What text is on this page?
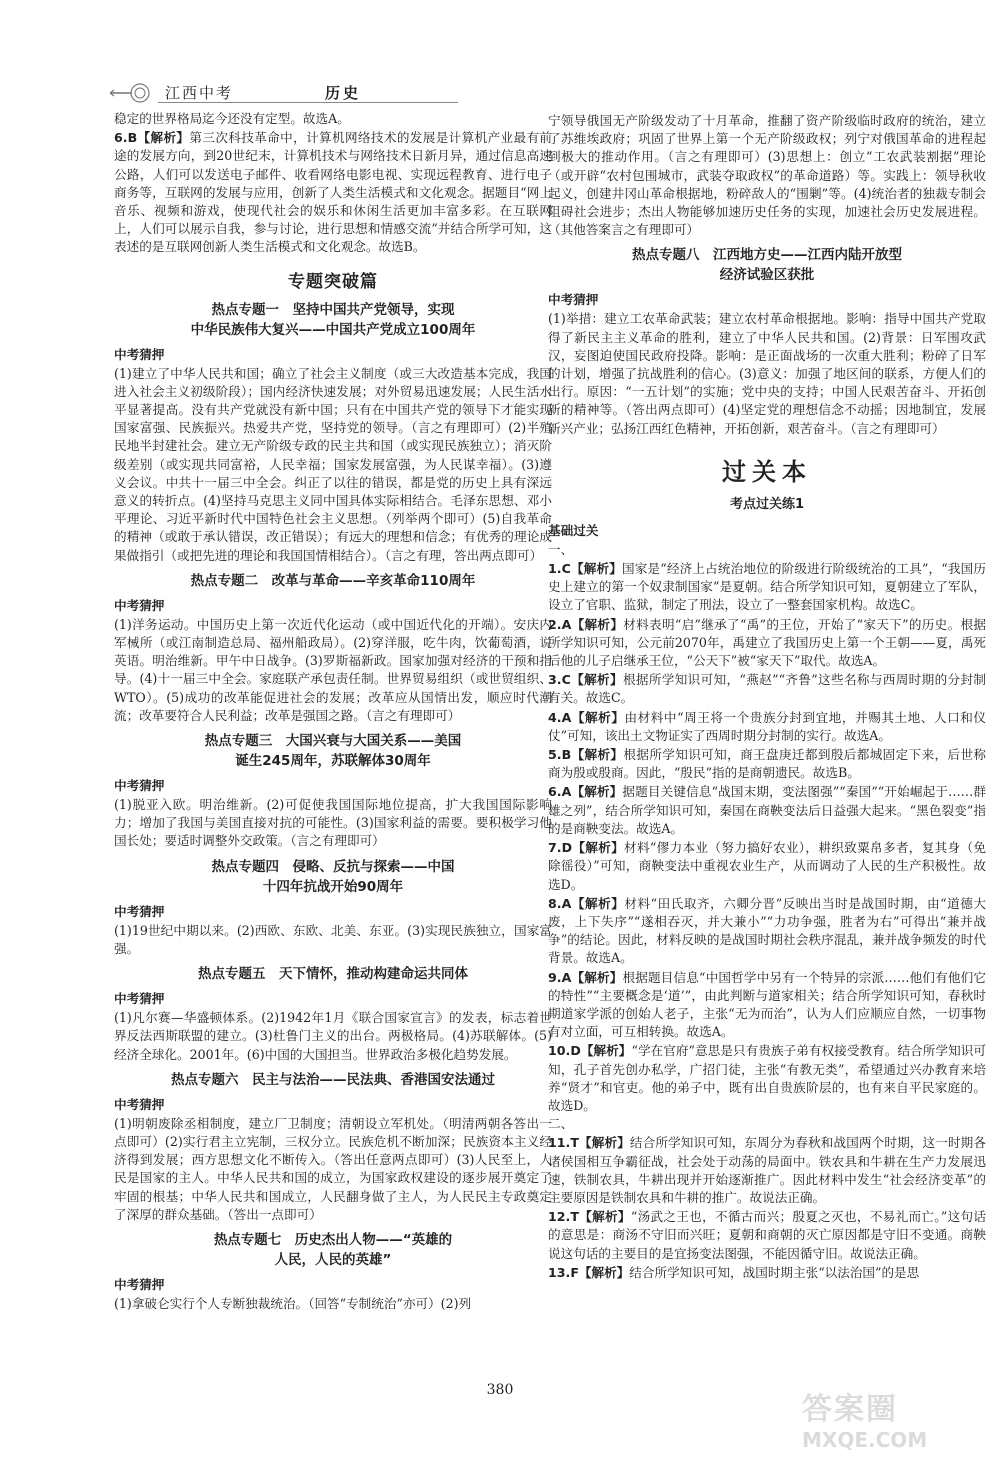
江西中考	历史

稳定的世界格局迄今还没有定型。故选A。

6.B【解析】第三次科技革命中，计算机网络技术的发展是计算机产业最有前途的发展方向，到20世纪末，计算机技术与网络技术日新月异，通过信息高速公路，人们可以发送电子邮件、收看网络电影电视、实现远程教育、进行电子商务等，互联网的发展与应用，创新了人类生活模式和文化观念。据题目“网上音乐、视频和游戏，使现代社会的娱乐和休闲生活更加丰富多彩。在互联网上，人们可以展示自我，参与讨论，进行思想和情感交流”并结合所学可知，这表述的是互联网创新人类生活模式和文化观念。故选B。

专题突破篇
热点专题一　坚持中国共产党领导，实现
中华民族伟大复兴——中国共产党成立100周年
中考猜押

(1)建立了中华人民共和国；确立了社会主义制度（或三大改造基本完成，我国进入社会主义初级阶段）；国内经济快速发展；对外贸易迅速发展；人民生活水平显著提高。没有共产党就没有新中国；只有在中国共产党的领导下才能实现国家富强、民族振兴。热爱共产党，坚持党的领导。（言之有理即可）(2)半殖民地半封建社会。建立无产阶级专政的民主共和国（或实现民族独立）；消灭阶级差别（或实现共同富裕，人民幸福；国家发展富强，为人民谋幸福）。(3)遵义会议。中共十一届三中全会。纠正了以往的错误，都是党的历史上具有深远意义的转折点。(4)坚持马克思主义同中国具体实际相结合。毛泽东思想、邓小平理论、习近平新时代中国特色社会主义思想。（列举两个即可）(5)自我革命的精神（或敢于承认错误，改正错误）；有远大的理想和信念；有优秀的理论成果做指引（或把先进的理论和我国国情相结合）。（言之有理，答出两点即可）

热点专题二　改革与革命——辛亥革命110周年
中考猜押

(1)洋务运动。中国历史上第一次近代化运动（或中国近代化的开端）。安庆内军械所（或江南制造总局、福州船政局）。(2)穿洋服，吃牛肉，饮葡萄酒，说英语。明治维新。甲午中日战争。(3)罗斯福新政。国家加强对经济的干预和指导。(4)十一届三中全会。家庭联产承包责任制。世界贸易组织（或世贸组织、WTO）。(5)成功的改革能促进社会的发展；改革应从国情出发，顺应时代潮流；改革要符合人民利益；改革是强国之路。（言之有理即可）

热点专题三　大国兴衰与大国关系——美国
诞生245周年，苏联解体30周年
中考猜押

(1)脱亚入欧。明治维新。(2)可促使我国国际地位提高，扩大我国国际影响力；增加了我国与美国直接对抗的可能性。(3)国家利益的需要。要积极学习他国长处；要适时调整外交政策。（言之有理即可）

热点专题四　侵略、反抗与探索——中国
十四年抗战开始90周年
中考猜押

(1)19世纪中期以来。(2)西欧、东欧、北美、东亚。(3)实现民族独立，国家富强。

热点专题五　天下情怀，推动构建命运共同体
中考猜押

(1)凡尔赛—华盛顿体系。(2)1942年1月《联合国家宣言》的发表，标志着世界反法西斯联盟的建立。(3)杜鲁门主义的出台。两极格局。(4)苏联解体。(5)经济全球化。2001年。(6)中国的大国担当。世界政治多极化趋势发展。

热点专题六　民主与法治——民法典、香港国安法通过
中考猜押

(1)明朝废除丞相制度，建立厂卫制度；清朝设立军机处。（明清两朝各答出一点即可）(2)实行君主立宪制，三权分立。民族危机不断加深；民族资本主义经济得到发展；西方思想文化不断传入。（答出任意两点即可）(3)人民至上，人民是国家的主人。中华人民共和国的成立，为国家政权建设的逐步展开奠定了牢固的根基；中华人民共和国成立，人民翻身做了主人，为人民民主专政奠定了深厚的群众基础。（答出一点即可）

热点专题七　历史杰出人物——“英雄的
人民，人民的英雄”
中考猜押

(1)拿破仑实行个人专断独裁统治。（回答“专制统治”亦可）(2)列

宁领导俄国无产阶级发动了十月革命，推翻了资产阶级临时政府的统治，建立了苏维埃政府；巩固了世界上第一个无产阶级政权；列宁对俄国革命的进程起到极大的推动作用。（言之有理即可）(3)思想上：创立“工农武装割据”理论（或开辟“农村包围城市，武装夺取政权”的革命道路）等。实践上：领导秋收起义，创建井冈山革命根据地，粉碎敌人的“围剿”等。(4)统治者的独裁专制会阻碍社会进步；杰出人物能够加速历史任务的实现，加速社会历史发展进程。（其他答案言之有理即可）

热点专题八　江西地方史——江西内陆开放型
经济试验区获批
中考猜押

(1)举措：建立工农革命武装；建立农村革命根据地。影响：指导中国共产党取得了新民主主义革命的胜利，建立了中华人民共和国。(2)背景：日军围攻武汉，妄图迫使国民政府投降。影响：是正面战场的一次重大胜利；粉碎了日军的计划，增强了抗战胜利的信心。(3)意义：加强了地区间的联系，方便人们的出行。原因：“一五计划”的实施；党中央的支持；中国人民艰苦奋斗、开拓创新的精神等。（答出两点即可）(4)坚定党的理想信念不动摇；因地制宜，发展新兴产业；弘扬江西红色精神，开拓创新，艰苦奋斗。（言之有理即可）

过关本
考点过关练1
基础过关

一、

1.C【解析】国家是“经济上占统治地位的阶级进行阶级统治的工具”，“我国历史上建立的第一个奴隶制国家”是夏朝。结合所学知识可知，夏朝建立了军队，设立了官职、监狱，制定了刑法，设立了一整套国家机构。故选C。

2.A【解析】材料表明“启”继承了“禹”的王位，开始了“家天下”的历史。根据所学知识可知，公元前2070年，禹建立了我国历史上第一个王朝——夏，禹死后他的儿子启继承王位，“公天下”被“家天下”取代。故选A。

3.C【解析】根据所学知识可知，“燕赵”“齐鲁”这些名称与西周时期的分封制有关。故选C。

4.A【解析】由材料中“周王将一个贵族分封到宜地，并赐其土地、人口和仪仗”可知，该出土文物证实了西周时期分封制的实行。故选A。

5.B【解析】根据所学知识可知，商王盘庚迁都到殷后都城固定下来，后世称商为殷或殷商。因此，“殷民”指的是商朝遗民。故选B。

6.A【解析】据题目关键信息“战国末期，变法图强”“秦国”“开始崛起于……群雄之列”，结合所学知识可知，秦国在商鞅变法后日益强大起来。“黑色裂变”指的是商鞅变法。故选A。

7.D【解析】材料“僇力本业（努力搞好农业），耕织致粟帛多者，复其身（免除徭役）”可知，商鞅变法中重视农业生产，从而调动了人民的生产积极性。故选D。

8.A【解析】材料“田氏取齐，六卿分晋”反映出当时是战国时期，由“道德大废，上下失序”“遂相吞灭，并大兼小”“力功争强，胜者为右”可得出“兼并战争”的结论。因此，材料反映的是战国时期社会秩序混乱，兼并战争频发的时代背景。故选A。

9.A【解析】根据题目信息“中国哲学中另有一个特异的宗派……他们有他们它的特性”“主要概念是‘道’”，由此判断与道家相关；结合所学知识可知，春秋时期道家学派的创始人老子，主张“无为而治”，认为人们应顺应自然，一切事物有对立面，可互相转换。故选A。

10.D【解析】“学在官府”意思是只有贵族子弟有权接受教育。结合所学知识可知，孔子首先创办私学，广招门徒，主张“有教无类”，希望通过兴办教育来培养“贤才”和官吏。他的弟子中，既有出自贵族阶层的，也有来自平民家庭的。故选D。

二、

11.T【解析】结合所学知识可知，东周分为春秋和战国两个时期，这一时期各诸侯国相互争霸征战，社会处于动荡的局面中。铁农具和牛耕在生产力发展迅速，铁制农具，牛耕出现并开始逐渐推广。因此材料中发生“社会经济变革”的主要原因是铁制农具和牛耕的推广。故说法正确。

12.T【解析】“汤武之王也，不循古而兴；殷夏之灭也，不易礼而亡。”这句话的意思是：商汤不守旧而兴旺；夏朝和商朝的灭亡原因都是守旧不变通。商鞅说这句话的主要目的是宜扬变法图强，不能因循守旧。故说法正确。

13.F【解析】结合所学知识可知，战国时期主张“以法治国”的是思

380
答案圈
MXQE.COM
